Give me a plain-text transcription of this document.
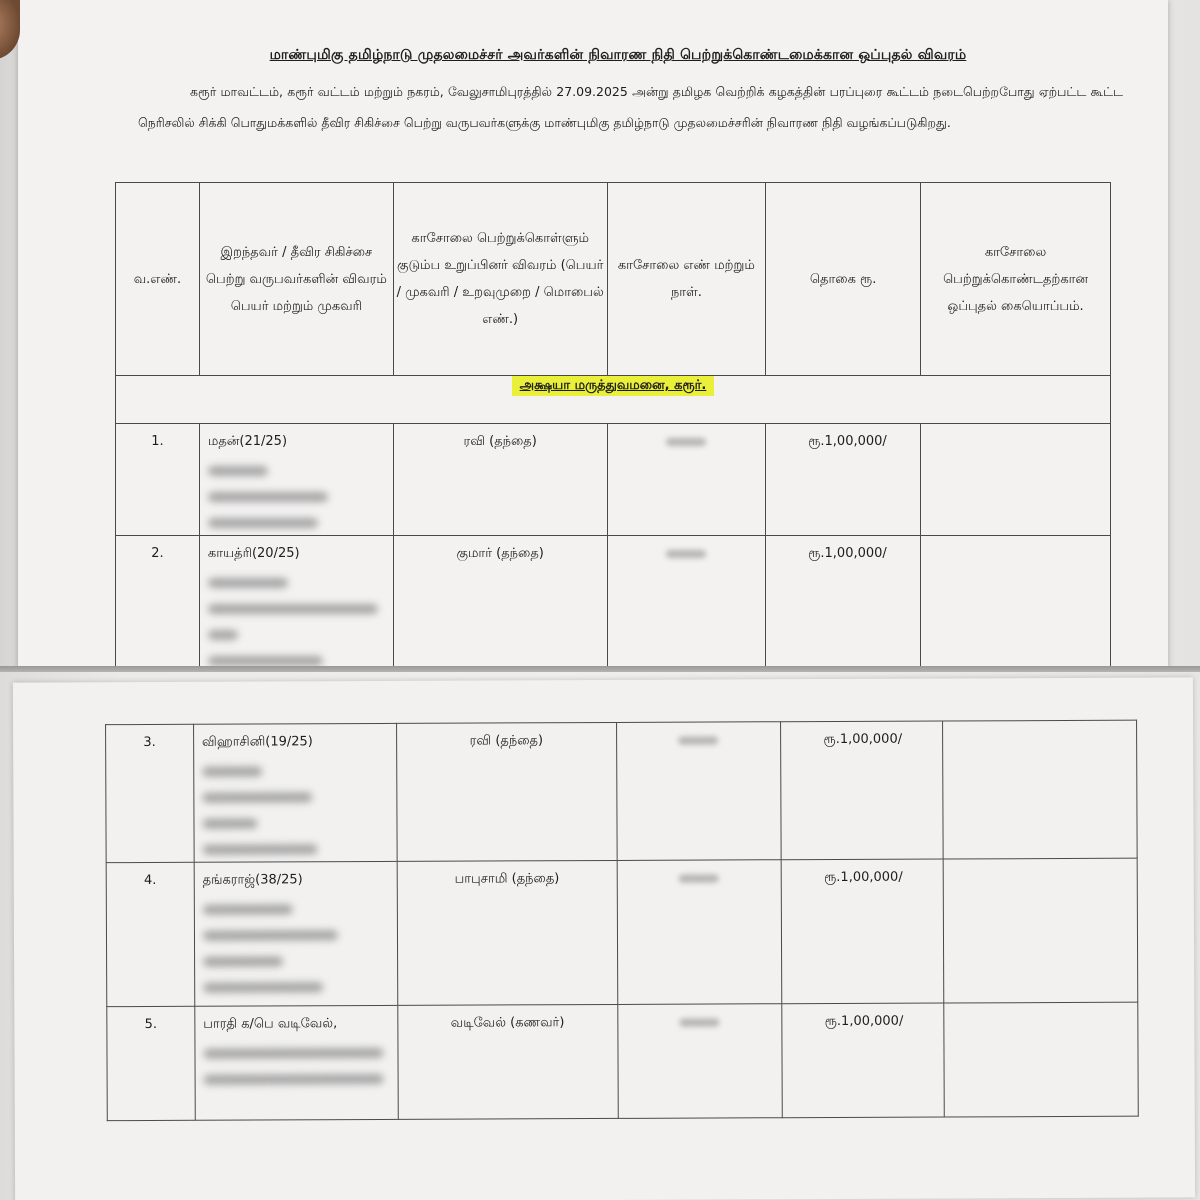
மாண்புமிகு தமிழ்நாடு முதலமைச்சர் அவர்களின் நிவாரண நிதி பெற்றுக்கொண்டமைக்கான ஒப்புதல் விவரம்
கரூர் மாவட்டம், கரூர் வட்டம் மற்றும் நகரம், வேலுசாமிபுரத்தில் 27.09.2025 அன்று தமிழக வெற்றிக் கழகத்தின் பரப்புரை கூட்டம் நடைபெற்றபோது ஏற்பட்ட கூட்ட நெரிசலில் சிக்கி பொதுமக்களில் தீவிர சிகிச்சை பெற்று வருபவர்களுக்கு மாண்புமிகு தமிழ்நாடு முதலமைச்சரின் நிவாரண நிதி வழங்கப்படுகிறது.
வ.எண்.	இறந்தவர் / தீவிர சிகிச்சை பெற்று வருபவர்களின் விவரம் பெயர் மற்றும் முகவரி	காசோலை பெற்றுக்கொள்ளும் குடும்ப உறுப்பினர் விவரம் (பெயர் / முகவரி / உறவுமுறை / மொபைல் எண்.)	காசோலை எண் மற்றும் நாள்.	தொகை ரூ.	காசோலை பெற்றுக்கொண்டதற்கான ஒப்புதல் கையொப்பம்.

அக்ஷயா மருத்துவமனை, கரூர்.					
1.	மதன்(21/25)	ரவி (தந்தை)		ரூ.1,00,000/	
2.	காயத்ரி(20/25)	குமார் (தந்தை)		ரூ.1,00,000/	
3.	விஹாசினி(19/25)	ரவி (தந்தை)		ரூ.1,00,000/	
4.	தங்கராஜ்(38/25)	பாபுசாமி (தந்தை)		ரூ.1,00,000/	
5.	பாரதி க/பெ வடிவேல்,	வடிவேல் (கணவர்)		ரூ.1,00,000/	
